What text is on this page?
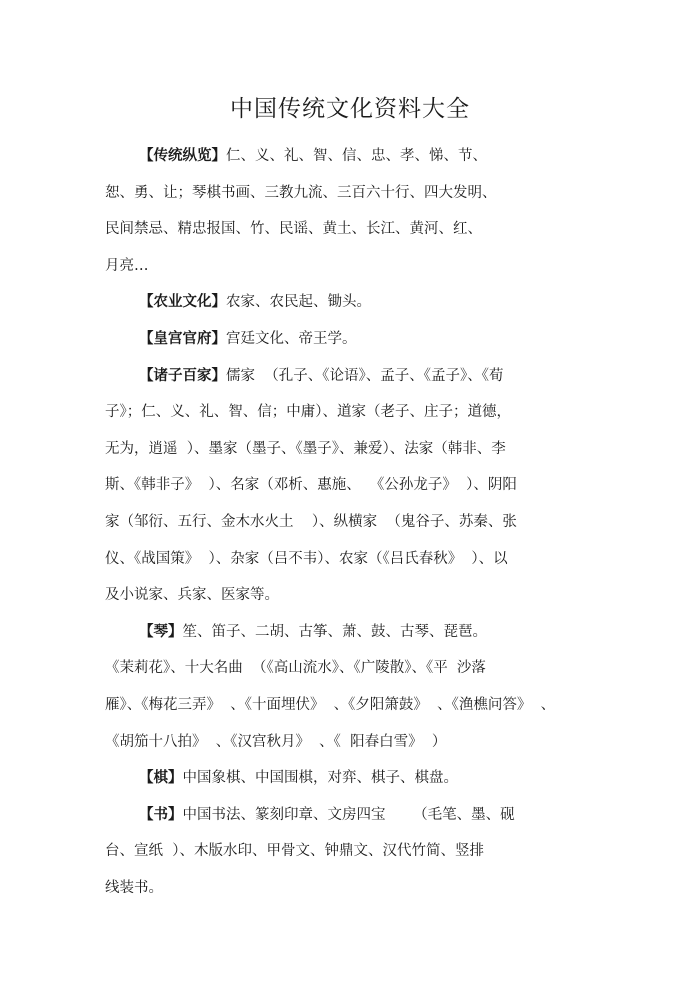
中国传统文化资料大全
【传统纵览】仁、义、礼、智、信、忠、孝、悌、节、
恕、勇、让；琴棋书画、三教九流、三百六十行、四大发明、
民间禁忌、精忠报国、竹、民谣、黄土、长江、黄河、红、
月亮…
【农业文化】农家、农民起、锄头。
【皇宫官府】宫廷文化、帝王学。
【诸子百家】儒家  （孔子、《论语》、孟子、《孟子》、《荀
子》；仁、义、礼、智、信；中庸）、道家（老子、庄子；道德，
无为，逍遥  ）、墨家（墨子、《墨子》、兼爱）、法家（韩非、李
斯、《韩非子》  ）、名家（邓析、惠施、  《公孙龙子》  ）、阴阳
家（邹衍、五行、金木水火土    ）、纵横家  （鬼谷子、苏秦、张
仪、《战国策》  ）、杂家（吕不韦）、农家（《吕氏春秋》  ）、以
及小说家、兵家、医家等。
【琴】笙、笛子、二胡、古筝、萧、鼓、古琴、琵琶。
《茉莉花》、十大名曲  （《高山流水》、《广陵散》、《平  沙落
雁》、《梅花三弄》  、《十面埋伏》  、《夕阳箫鼓》  、《渔樵问答》  、
《胡笳十八拍》  、《汉宫秋月》  、《  阳春白雪》  ）
【棋】中国象棋、中国围棋，对弈、棋子、棋盘。
【书】中国书法、篆刻印章、文房四宝      （毛笔、墨、砚
台、宣纸  ）、木版水印、甲骨文、钟鼎文、汉代竹简、竖排
线装书。
